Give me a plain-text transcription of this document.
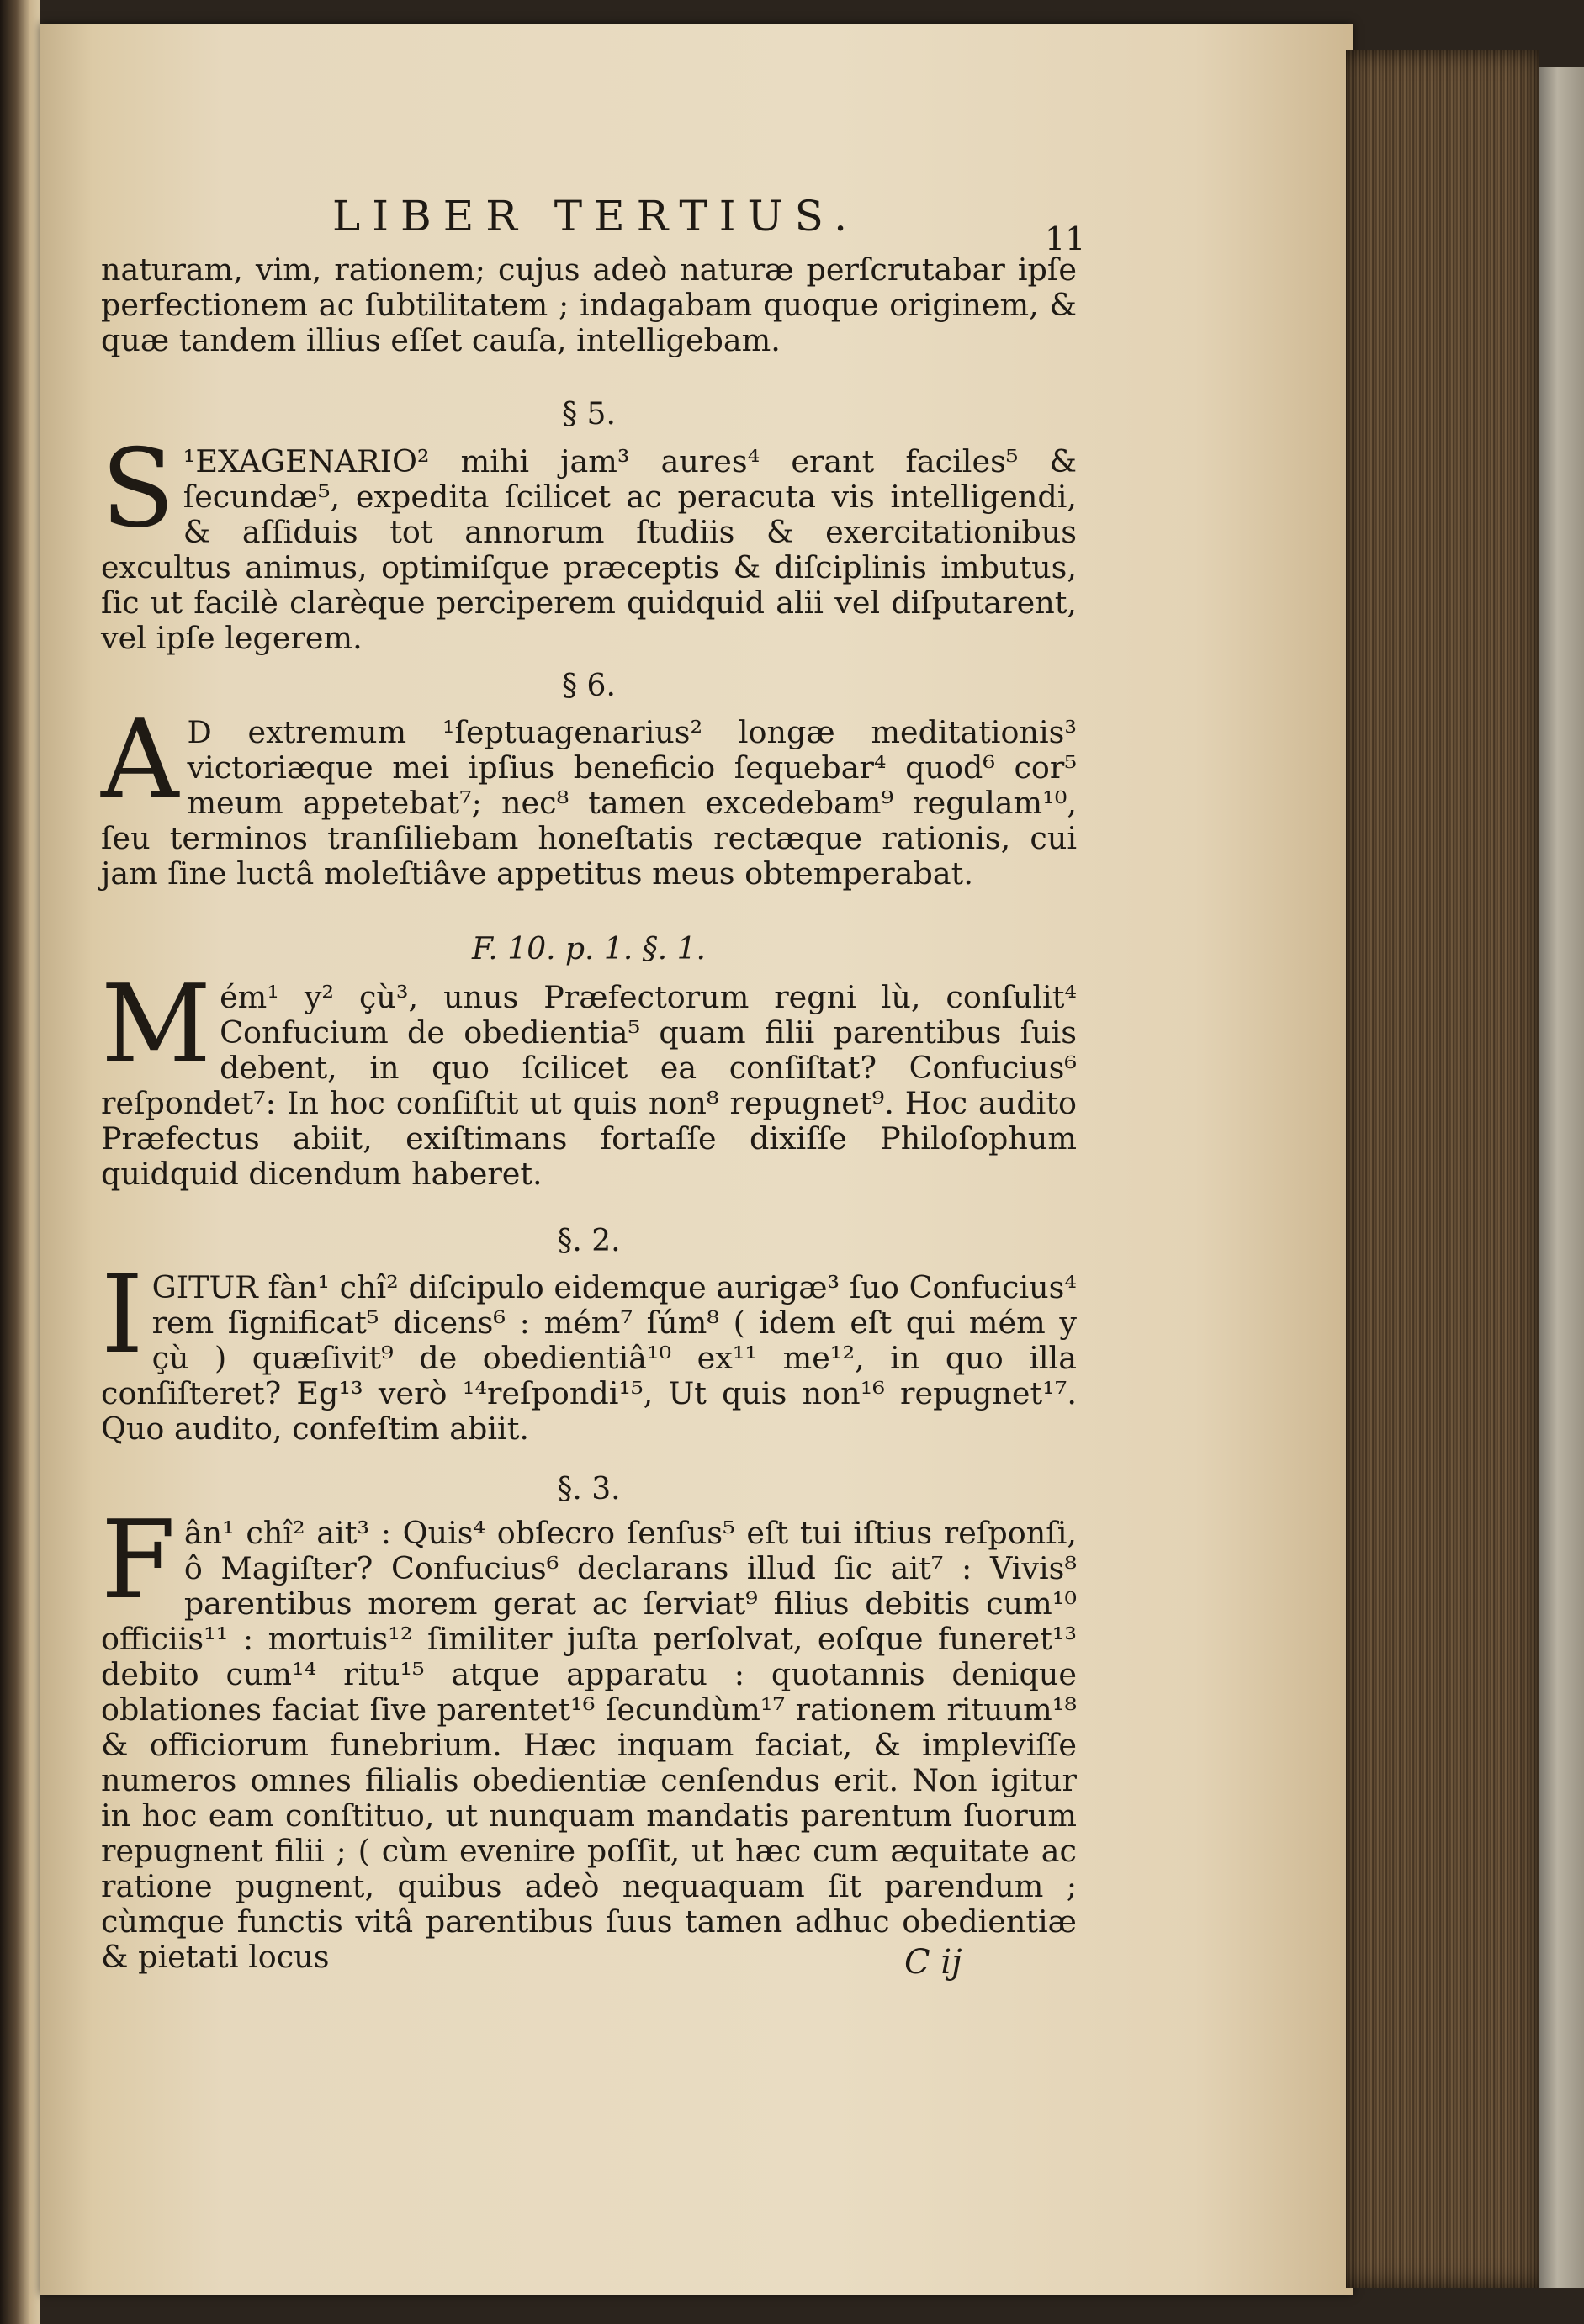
LIBER TERTIUS.	11

naturam, vim, rationem; cujus adeò naturæ perſcrutabar ipſe perfectionem ac ſubtilitatem ; indagabam quoque originem, & quæ tandem illius eſſet cauſa, intelligebam.

§ 5.

S ¹EXAGENARIO² mihi jam³ aures⁴ erant faciles⁵ & ſecundæ⁵, expedita ſcilicet ac peracuta vis intelligendi, & aſſiduis tot annorum ſtudiis & exercitationibus excultus animus, optimiſque præceptis & diſciplinis imbutus, ſic ut facilè clarèque perciperem quidquid alii vel diſputarent, vel ipſe legerem.

§ 6.

A D extremum ¹ſeptuagenarius² longæ meditationis³ victoriæque mei ipſius beneficio ſequebar⁴ quod⁶ cor⁵ meum appetebat⁷; nec⁸ tamen excedebam⁹ regulam¹⁰, ſeu terminos tranſiliebam honeſtatis rectæque rationis, cui jam ſine luctâ moleſtiâve appetitus meus obtemperabat.

F. 10. p. 1. §. 1.

Mém¹ y² çù³, unus Præfectorum regni lù, conſulit⁴ Confucium de obedientia⁵ quam filii parentibus ſuis debent, in quo ſcilicet ea conſiſtat? Confucius⁶ reſpondet⁷: In hoc conſiſtit ut quis non⁸ repugnet⁹. Hoc audito Præfectus abiit, exiſtimans fortaſſe dixiſſe Philoſophum quidquid dicendum haberet.

§. 2.

IGITUR fàn¹ chî² diſcipulo eidemque aurigæ³ ſuo Confucius⁴ rem ſignificat⁵ dicens⁶ : mém⁷ ſúm⁸ ( idem eſt qui mém y çù ) quæſivit⁹ de obedientiâ¹⁰ ex¹¹ me¹², in quo illa conſiſteret? Eg¹³ verò ¹⁴reſpondi¹⁵, Ut quis non¹⁶ repugnet¹⁷. Quo audito, confeſtim abiit.

§. 3.

Fân¹ chî² ait³ : Quis⁴ obſecro ſenſus⁵ eſt tui iſtius reſponſi, ô Magiſter? Confucius⁶ declarans illud ſic ait⁷ : Vivis⁸ parentibus morem gerat ac ſerviat⁹ filius debitis cum¹⁰ officiis¹¹ : mortuis¹² ſimiliter juſta perſolvat, eoſque funeret¹³ debito cum¹⁴ ritu¹⁵ atque apparatu : quotannis denique oblationes faciat ſive parentet¹⁶ ſecundùm¹⁷ rationem rituum¹⁸ & officiorum funebrium. Hæc inquam faciat, & impleviſſe numeros omnes filialis obedientiæ cenſendus erit. Non igitur in hoc eam conſtituo, ut nunquam mandatis parentum ſuorum repugnent filii ; ( cùm evenire poſſit, ut hæc cum æquitate ac ratione pugnent, quibus adeò nequaquam ſit parendum ; cùmque functis vitâ parentibus ſuus tamen adhuc obedientiæ & pietati locus	C ij
